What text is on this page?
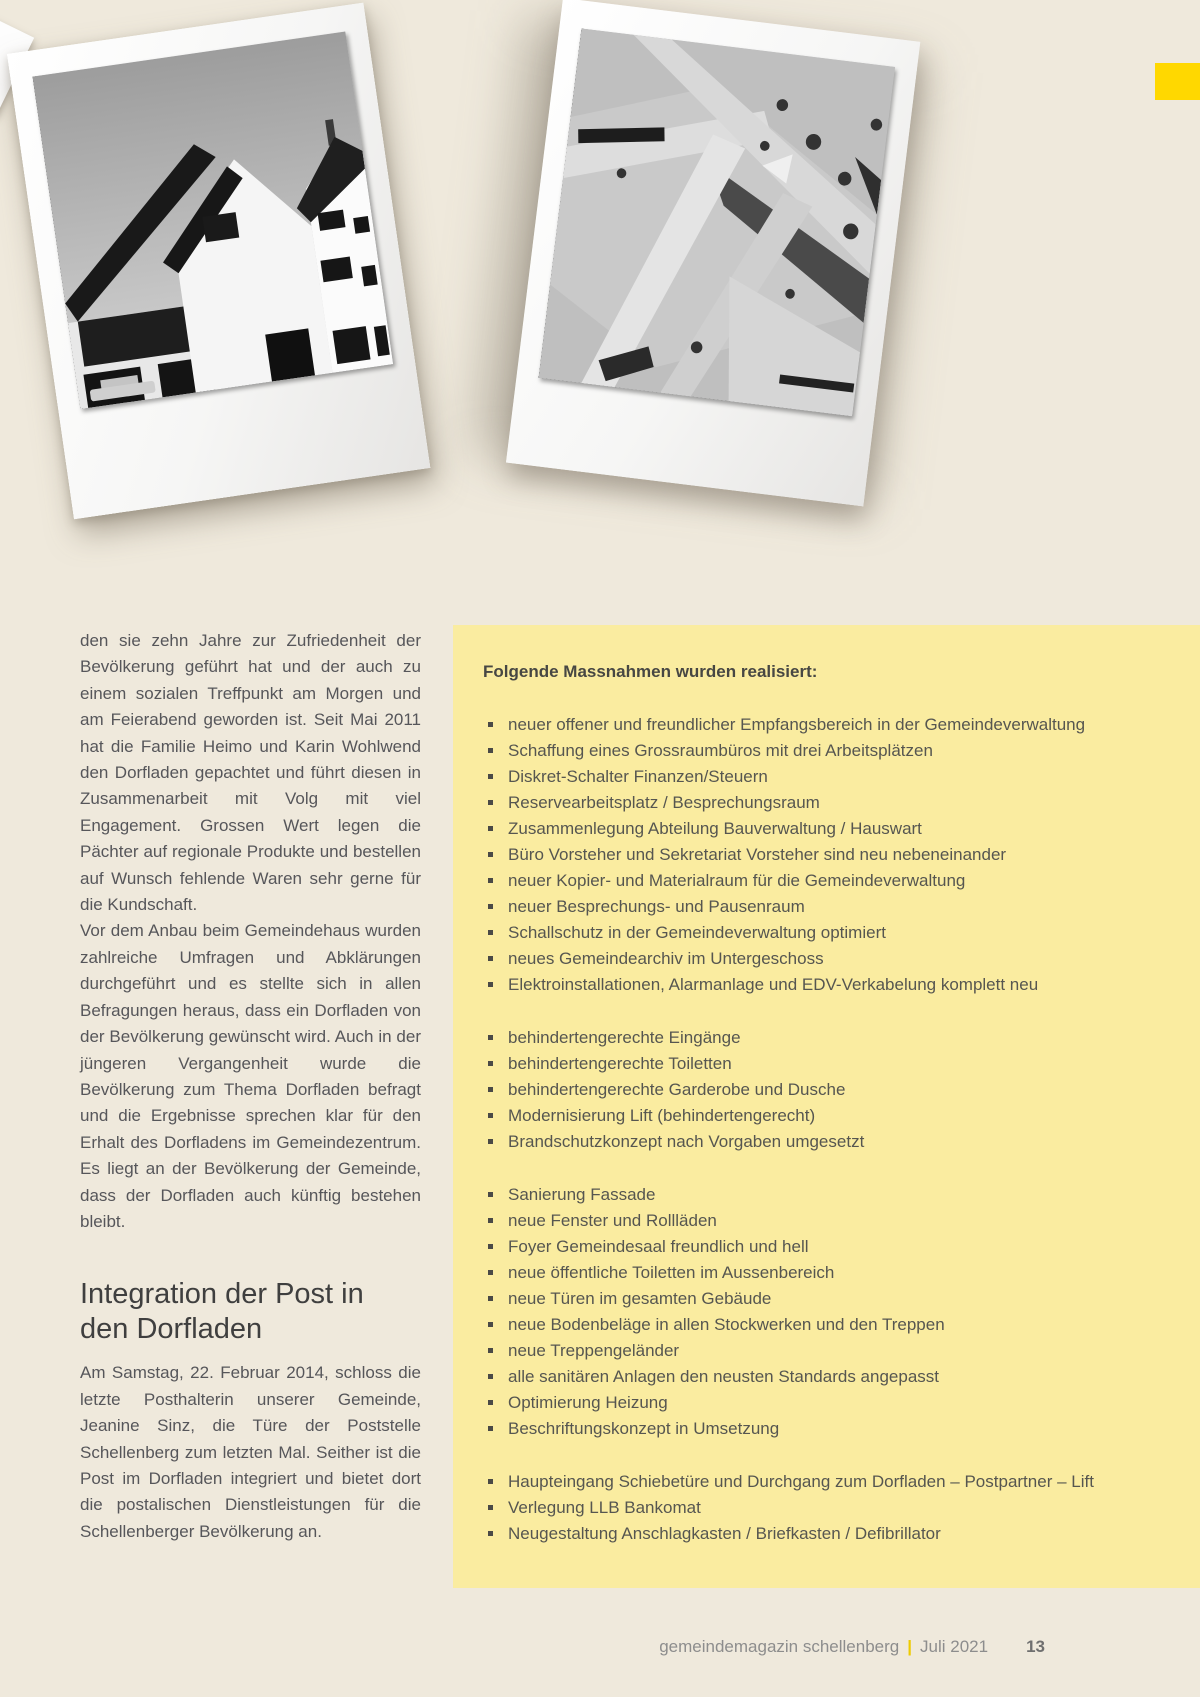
den sie zehn Jahre zur Zufriedenheit der Bevölkerung geführt hat und der auch zu einem sozialen Treffpunkt am Morgen und am Feierabend geworden ist. Seit Mai 2011 hat die Familie Heimo und Karin Wohlwend den Dorfladen gepachtet und führt diesen in Zusammenarbeit mit Volg mit viel Engagement. Grossen Wert legen die Pächter auf regionale Produkte und bestellen auf Wunsch fehlende Waren sehr gerne für die Kundschaft.

Vor dem Anbau beim Gemeindehaus wurden zahlreiche Umfragen und Abklärungen durchgeführt und es stellte sich in allen Befragungen heraus, dass ein Dorfladen von der Bevölkerung gewünscht wird. Auch in der jüngeren Vergangenheit wurde die Bevölkerung zum Thema Dorfladen befragt und die Ergebnisse sprechen klar für den Erhalt des Dorfladens im Gemeindezentrum. Es liegt an der Bevölkerung der Gemeinde, dass der Dorfladen auch künftig bestehen bleibt.

Integration der Post in
den Dorfladen

Am Samstag, 22. Februar 2014, schloss die letzte Posthalterin unserer Gemeinde, Jeanine Sinz, die Türe der Poststelle Schellenberg zum letzten Mal. Seither ist die Post im Dorfladen integriert und bietet dort die postalischen Dienstleistungen für die Schellenberger Bevölkerung an.

Folgende Massnahmen wurden realisiert:
neuer offener und freundlicher Empfangsbereich in der Gemeindeverwaltung
Schaffung eines Grossraumbüros mit drei Arbeitsplätzen
Diskret-Schalter Finanzen/Steuern
Reservearbeitsplatz / Besprechungsraum
Zusammenlegung Abteilung Bauverwaltung / Hauswart
Büro Vorsteher und Sekretariat Vorsteher sind neu nebeneinander
neuer Kopier- und Materialraum für die Gemeindeverwaltung
neuer Besprechungs- und Pausenraum
Schallschutz in der Gemeindeverwaltung optimiert
neues Gemeindearchiv im Untergeschoss
Elektroinstallationen, Alarmanlage und EDV-Verkabelung komplett neu
behindertengerechte Eingänge
behindertengerechte Toiletten
behindertengerechte Garderobe und Dusche
Modernisierung Lift (behindertengerecht)
Brandschutzkonzept nach Vorgaben umgesetzt
Sanierung Fassade
neue Fenster und Rollläden
Foyer Gemeindesaal freundlich und hell
neue öffentliche Toiletten im Aussenbereich
neue Türen im gesamten Gebäude
neue Bodenbeläge in allen Stockwerken und den Treppen
neue Treppengeländer
alle sanitären Anlagen den neusten Standards angepasst
Optimierung Heizung
Beschriftungskonzept in Umsetzung
Haupteingang Schiebetüre und Durchgang zum Dorfladen – Postpartner – Lift
Verlegung LLB Bankomat
Neugestaltung Anschlagkasten / Briefkasten / Defibrillator
gemeindemagazin schellenberg | Juli 2021 13
